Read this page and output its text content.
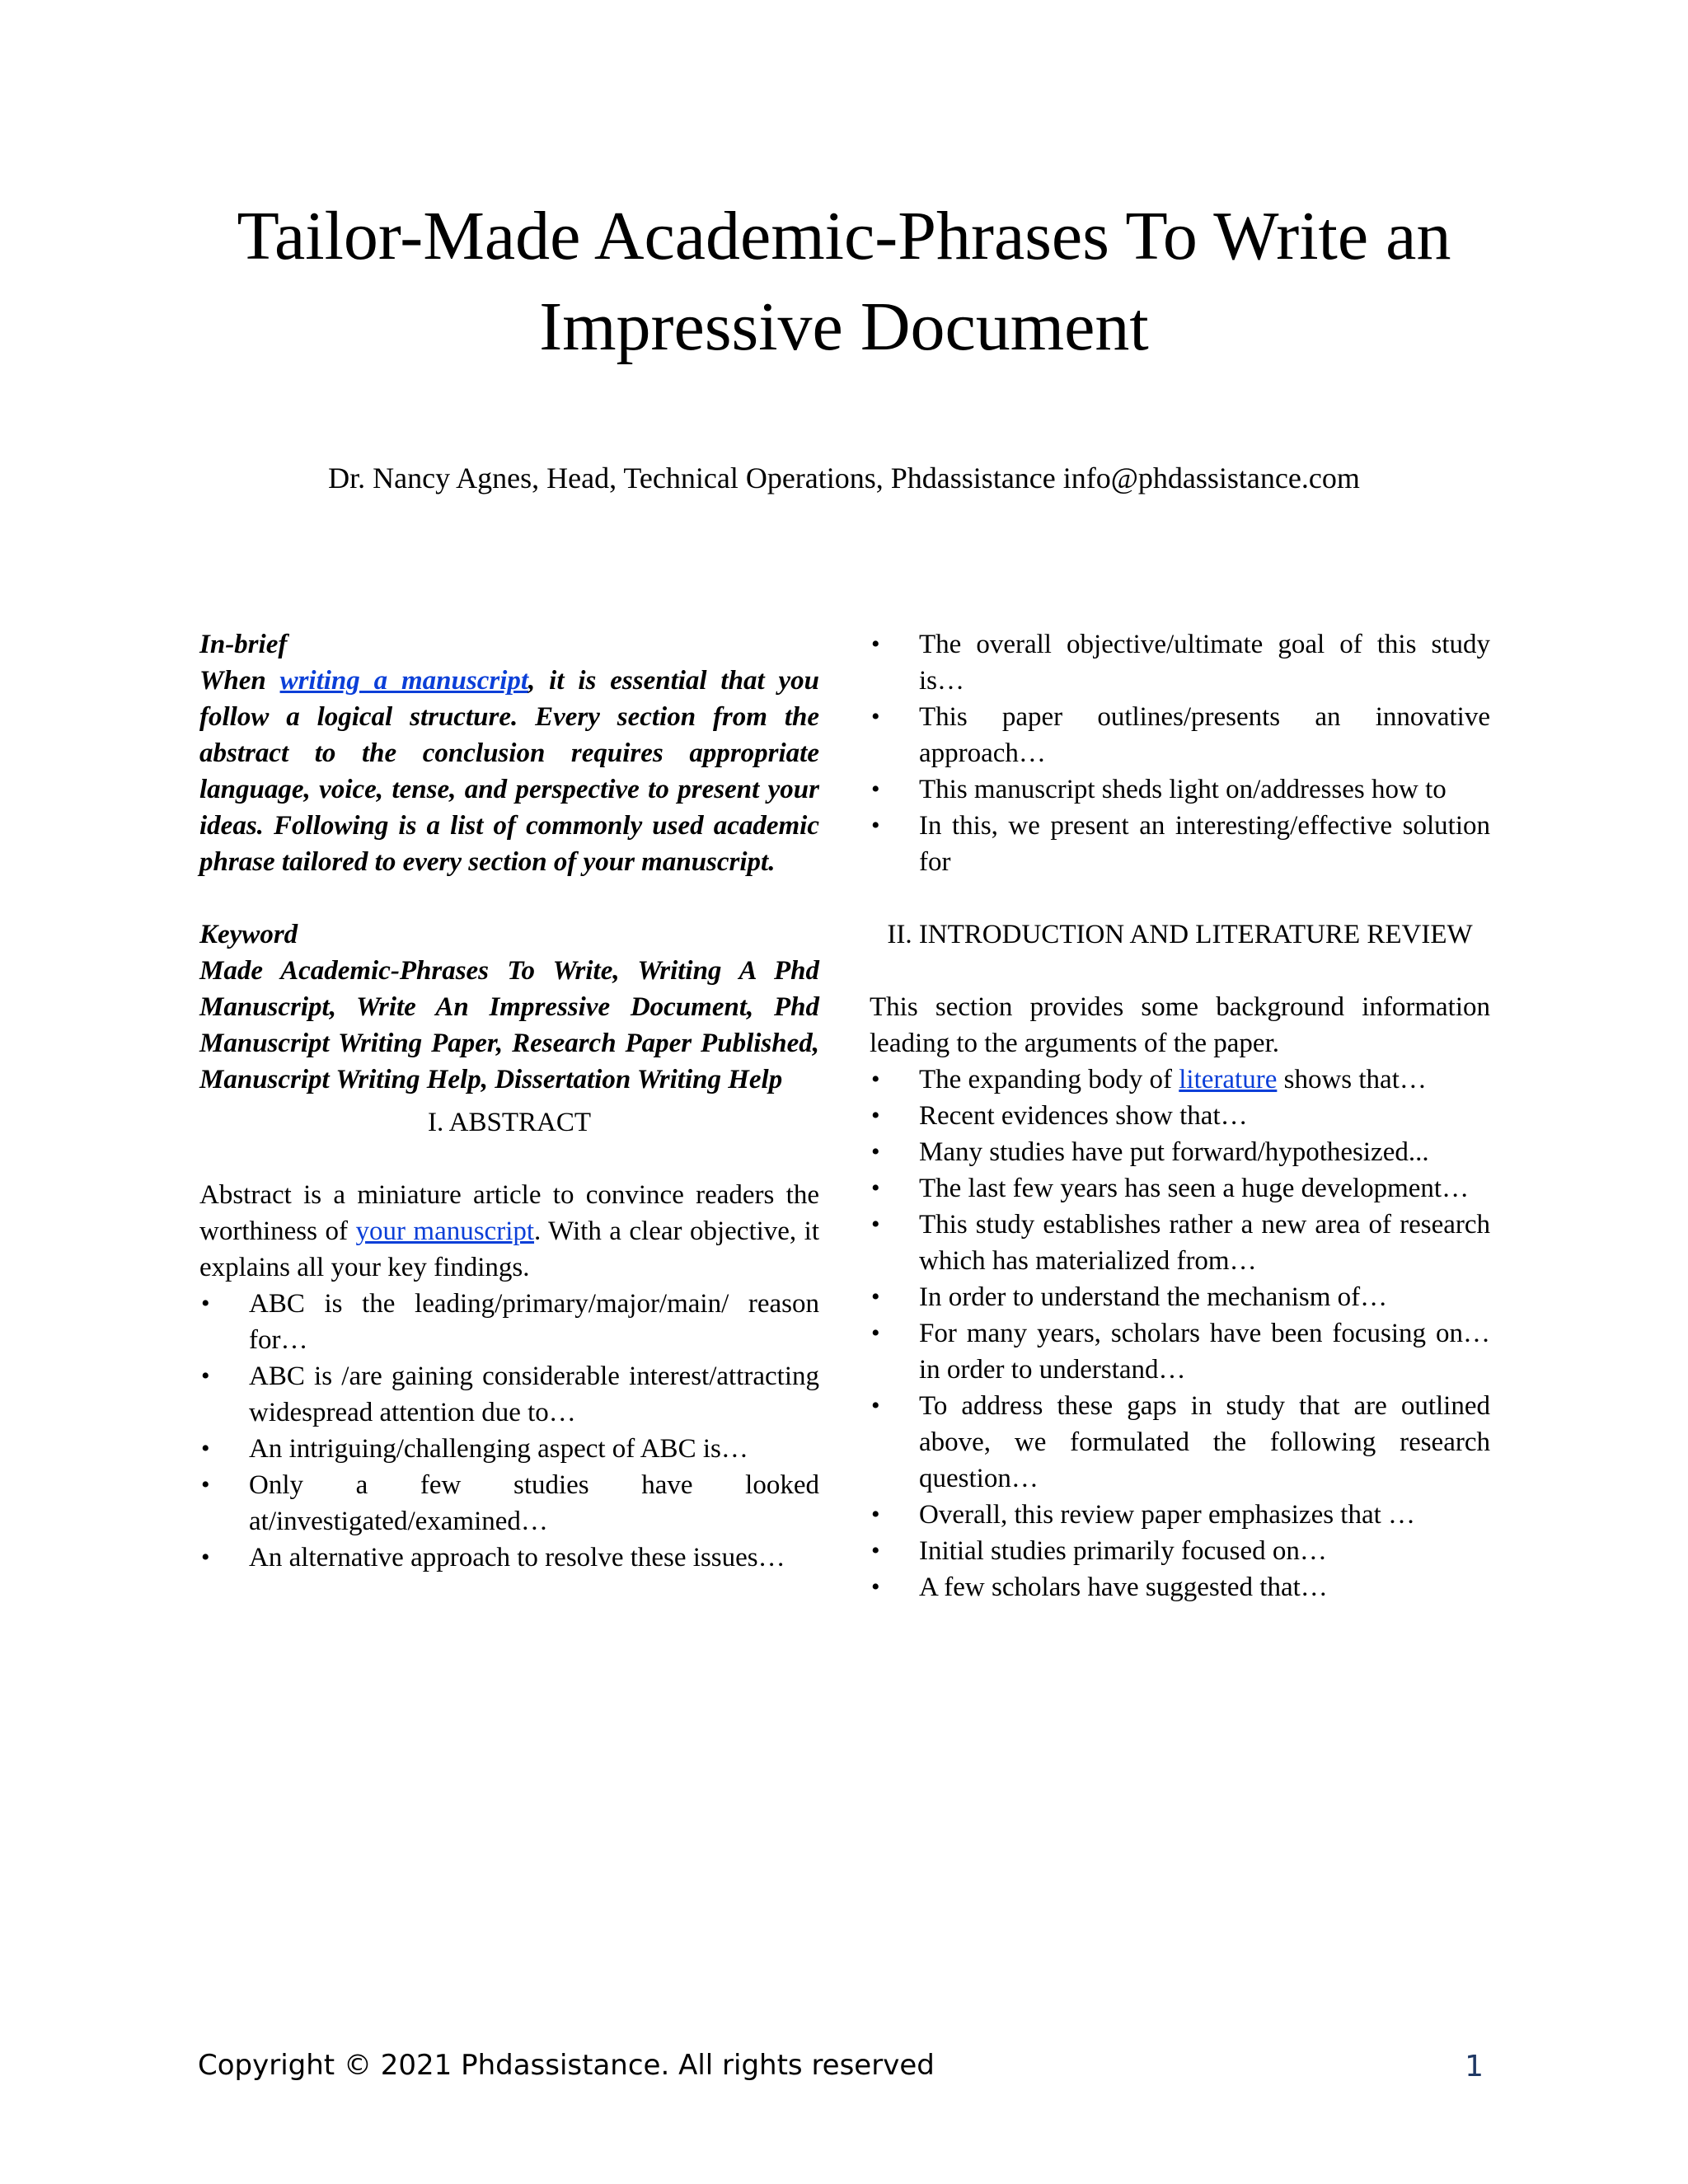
Tailor-Made Academic-Phrases To Write an Impressive Document
Dr. Nancy Agnes, Head, Technical Operations, Phdassistance info@phdassistance.com
In-brief

When writing a manuscript, it is essential that you follow a logical structure. Every section from the abstract to the conclusion requires appropriate language, voice, tense, and perspective to present your ideas. Following is a list of commonly used academic phrase tailored to every section of your manuscript.

Keyword

Made Academic-Phrases To Write, Writing A Phd Manuscript, Write An Impressive Document, Phd Manuscript Writing Paper, Research Paper Published, Manuscript Writing Help, Dissertation Writing Help

I. ABSTRACT

Abstract is a miniature article to convince readers the worthiness of your manuscript. With a clear objective, it explains all your key findings.

• ABC is the leading/primary/major/main/ reason for…
• ABC is /are gaining considerable interest/attracting widespread attention due to…
• An intriguing/challenging aspect of ABC is…
• Only a few studies have looked at/investigated/examined…
• An alternative approach to resolve these issues…
• The overall objective/ultimate goal of this study is…
• This paper outlines/presents an innovative approach…
• This manuscript sheds light on/addresses how to
• In this, we present an interesting/effective solution for
II. INTRODUCTION AND LITERATURE REVIEW

This section provides some background information leading to the arguments of the paper.

• The expanding body of literature shows that…
• Recent evidences show that…
• Many studies have put forward/hypothesized...
• The last few years has seen a huge development…
• This study establishes rather a new area of research which has materialized from…
• In order to understand the mechanism of…
• For many years, scholars have been focusing on… in order to understand…
• To address these gaps in study that are outlined above, we formulated the following research question…
• Overall, this review paper emphasizes that …
• Initial studies primarily focused on…
• A few scholars have suggested that…
Copyright © 2021 Phdassistance. All rights reserved	1
